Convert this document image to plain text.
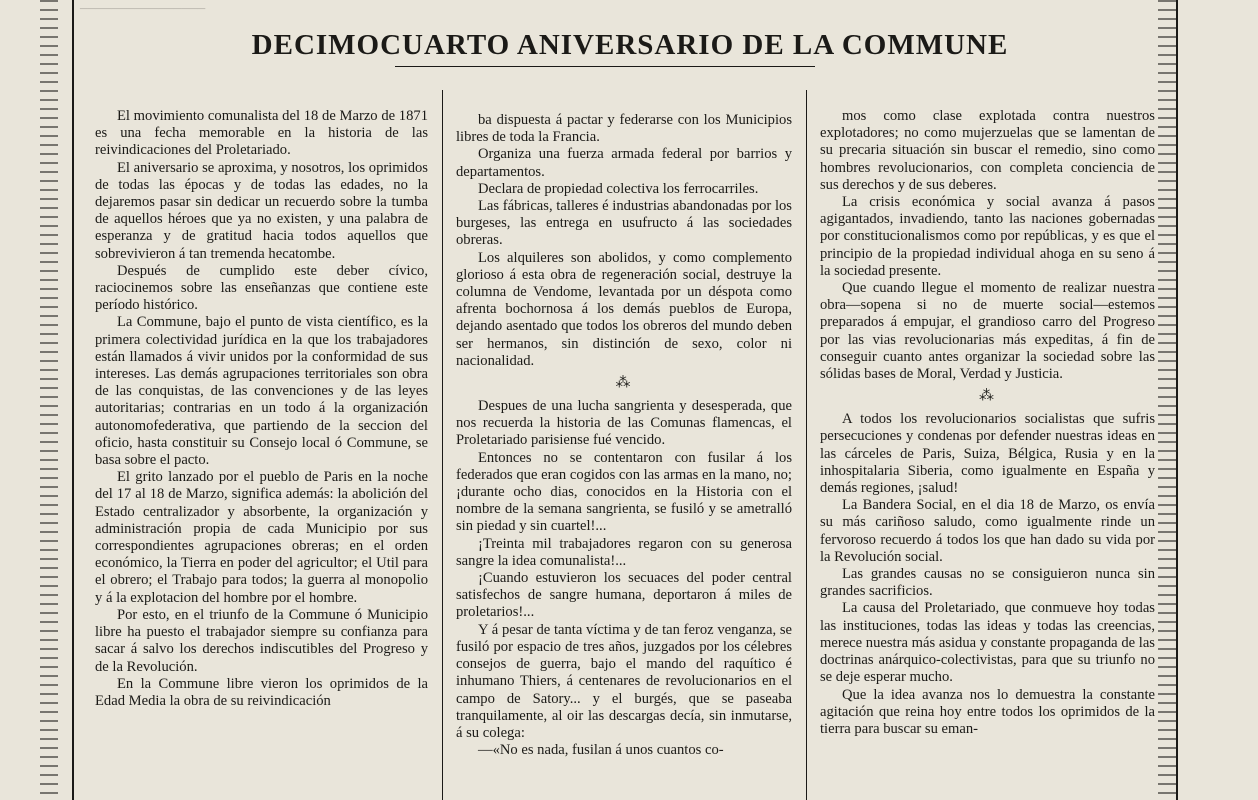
────────────────
DECIMOCUARTO ANIVERSARIO DE LA COMMUNE

El movimiento comunalista del 18 de Marzo de 1871 es una fecha memorable en la historia de las reivindicaciones del Proletariado.

El aniversario se aproxima, y nosotros, los oprimidos de todas las épocas y de todas las edades, no la dejaremos pasar sin dedicar un recuerdo sobre la tumba de aquellos héroes que ya no existen, y una palabra de esperanza y de gratitud hacia todos aquellos que sobrevivieron á tan tremenda hecatombe.

Después de cumplido este deber cívico, raciocinemos sobre las enseñanzas que contiene este período histórico.

La Commune, bajo el punto de vista científico, es la primera colectividad jurídica en la que los trabajadores están llamados á vivir unidos por la conformidad de sus intereses. Las demás agrupaciones territoriales son obra de las conquistas, de las convenciones y de las leyes autoritarias; contrarias en un todo á la organización autonomofederativa, que partiendo de la seccion del oficio, hasta constituir su Consejo local ó Commune, se basa sobre el pacto.

El grito lanzado por el pueblo de Paris en la noche del 17 al 18 de Marzo, significa además: la abolición del Estado centralizador y absorbente, la organización y administración propia de cada Municipio por sus correspondientes agrupaciones obreras; en el orden económico, la Tierra en poder del agricultor; el Util para el obrero; el Trabajo para todos; la guerra al monopolio y á la explotacion del hombre por el hombre.

Por esto, en el triunfo de la Commune ó Municipio libre ha puesto el trabajador siempre su confianza para sacar á salvo los derechos indiscutibles del Progreso y de la Revolución.

En la Commune libre vieron los oprimidos de la Edad Media la obra de su reivindicación

ba dispuesta á pactar y federarse con los Municipios libres de toda la Francia.

Organiza una fuerza armada federal por barrios y departamentos.

Declara de propiedad colectiva los ferrocarriles.

Las fábricas, talleres é industrias abandonadas por los burgeses, las entrega en usufructo á las sociedades obreras.

Los alquileres son abolidos, y como complemento glorioso á esta obra de regeneración social, destruye la columna de Vendome, levantada por un déspota como afrenta bochornosa á los demás pueblos de Europa, dejando asentado que todos los obreros del mundo deben ser hermanos, sin distinción de sexo, color ni nacionalidad.

⁂

Despues de una lucha sangrienta y desesperada, que nos recuerda la historia de las Comunas flamencas, el Proletariado parisiense fué vencido.

Entonces no se contentaron con fusilar á los federados que eran cogidos con las armas en la mano, no; ¡durante ocho dias, conocidos en la Historia con el nombre de la semana sangrienta, se fusiló y se ametralló sin piedad y sin cuartel!...

¡Treinta mil trabajadores regaron con su generosa sangre la idea comunalista!...

¡Cuando estuvieron los secuaces del poder central satisfechos de sangre humana, deportaron á miles de proletarios!...

Y á pesar de tanta víctima y de tan feroz venganza, se fusiló por espacio de tres años, juzgados por los célebres consejos de guerra, bajo el mando del raquítico é inhumano Thiers, á centenares de revolucionarios en el campo de Satory... y el burgés, que se paseaba tranquilamente, al oir las descargas decía, sin inmutarse, á su colega:

—«No es nada, fusilan á unos cuantos co-

mos como clase explotada contra nuestros explotadores; no como mujerzuelas que se lamentan de su precaria situación sin buscar el remedio, sino como hombres revolucionarios, con completa conciencia de sus derechos y de sus deberes.

La crisis económica y social avanza á pasos agigantados, invadiendo, tanto las naciones gobernadas por constitucionalismos como por repúblicas, y es que el principio de la propiedad individual ahoga en su seno á la sociedad presente.

Que cuando llegue el momento de realizar nuestra obra—sopena si no de muerte social—estemos preparados á empujar, el grandioso carro del Progreso por las vias revolucionarias más expeditas, á fin de conseguir cuanto antes organizar la sociedad sobre las sólidas bases de Moral, Verdad y Justicia.

⁂

A todos los revolucionarios socialistas que sufris persecuciones y condenas por defender nuestras ideas en las cárceles de Paris, Suiza, Bélgica, Rusia y en la inhospitalaria Siberia, como igualmente en España y demás regiones, ¡salud!

La Bandera Social, en el dia 18 de Marzo, os envía su más cariñoso saludo, como igualmente rinde un fervoroso recuerdo á todos los que han dado su vida por la Revolución social.

Las grandes causas no se consiguieron nunca sin grandes sacrificios.

La causa del Proletariado, que conmueve hoy todas las instituciones, todas las ideas y todas las creencias, merece nuestra más asidua y constante propaganda de las doctrinas anárquico-colectivistas, para que su triunfo no se deje esperar mucho.

Que la idea avanza nos lo demuestra la constante agitación que reina hoy entre todos los oprimidos de la tierra para buscar su eman-
